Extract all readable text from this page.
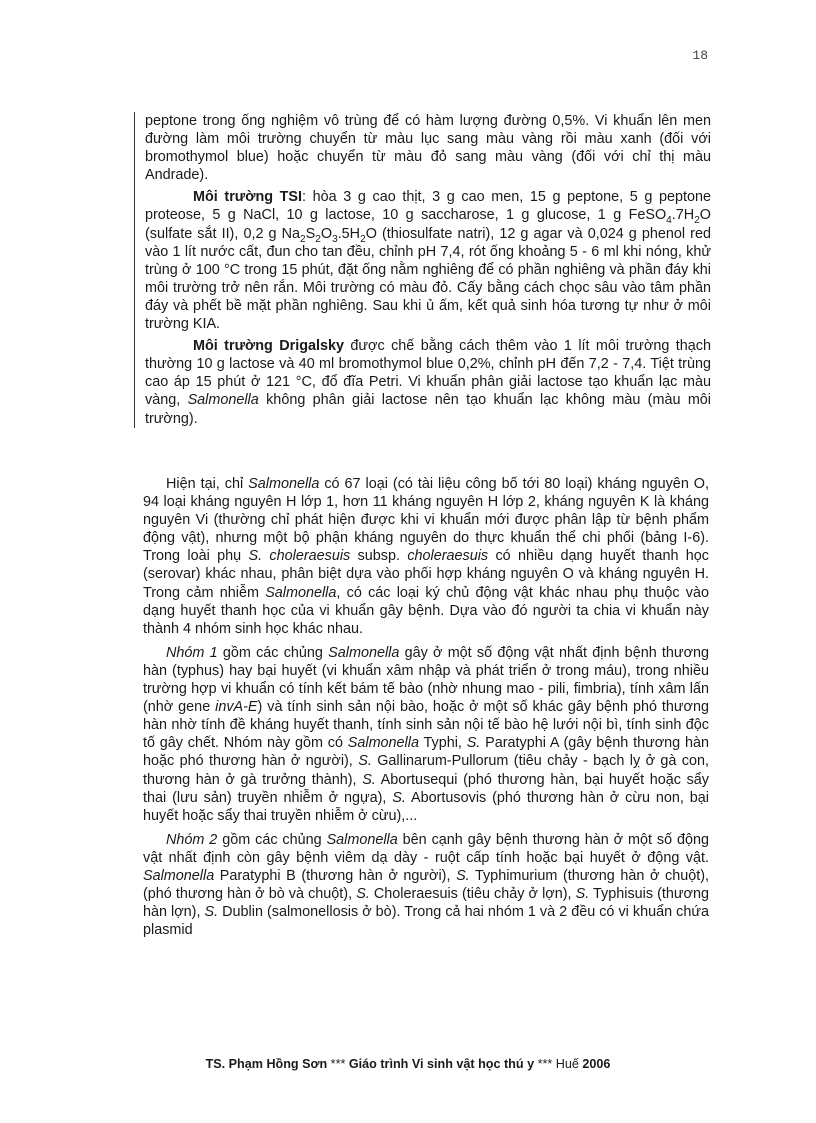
18

peptone trong ống nghiệm vô trùng để có hàm lượng đường 0,5%. Vi khuẩn lên men đường làm môi trường chuyển từ màu lục sang màu vàng rồi màu xanh (đối với bromothymol blue) hoặc chuyển từ màu đỏ sang màu vàng (đối với chỉ thị màu Andrade).

Môi trường TSI: hòa 3 g cao thịt, 3 g cao men, 15 g peptone, 5 g peptone proteose, 5 g NaCl, 10 g lactose, 10 g saccharose, 1 g glucose, 1 g $FeSO_4.7H_2O$ (sulfate sắt II), 0,2 g $Na_2S_2O_3.5H_2O$ (thiosulfate natri), 12 g agar và 0,024 g phenol red vào 1 lít nước cất, đun cho tan đều, chỉnh pH 7,4, rót ống khoảng 5 - 6 ml khi nóng, khử trùng ở 100 °C trong 15 phút, đặt ống nằm nghiêng để có phần nghiêng và phần đáy khi môi trường trở nên rắn. Môi trường có màu đỏ. Cấy bằng cách chọc sâu vào tâm phần đáy và phết bề mặt phần nghiêng. Sau khi ủ ấm, kết quả sinh hóa tương tự như ở môi trường KIA.

Môi trường Drigalsky được chế bằng cách thêm vào 1 lít môi trường thạch thường 10 g lactose và 40 ml bromothymol blue 0,2%, chỉnh pH đến 7,2 - 7,4. Tiệt trùng cao áp 15 phút ở 121 °C, đổ đĩa Petri. Vi khuẩn phân giải lactose tạo khuẩn lạc màu vàng, Salmonella không phân giải lactose nên tạo khuẩn lạc không màu (màu môi trường).

Hiện tại, chỉ Salmonella có 67 loại (có tài liệu công bố tới 80 loại) kháng nguyên O, 94 loại kháng nguyên H lớp 1, hơn 11 kháng nguyên H lớp 2, kháng nguyên K là kháng nguyên Vi (thường chỉ phát hiện được khi vi khuẩn mới được phân lập từ bệnh phẩm động vật), nhưng một bộ phận kháng nguyên do thực khuẩn thể chi phối (bảng I-6). Trong loài phụ S. choleraesuis subsp. choleraesuis có nhiều dạng huyết thanh học (serovar) khác nhau, phân biệt dựa vào phối hợp kháng nguyên O và kháng nguyên H. Trong cảm nhiễm Salmonella, có các loại ký chủ động vật khác nhau phụ thuộc vào dạng huyết thanh học của vi khuẩn gây bệnh. Dựa vào đó người ta chia vi khuẩn này thành 4 nhóm sinh học khác nhau.

Nhóm 1 gồm các chủng Salmonella gây ở một số động vật nhất định bệnh thương hàn (typhus) hay bại huyết (vi khuẩn xâm nhập và phát triển ở trong máu), trong nhiều trường hợp vi khuẩn có tính kết bám tế bào (nhờ nhung mao - pili, fimbria), tính xâm lấn (nhờ gene invA-E) và tính sinh sản nội bào, hoặc ở một số khác gây bệnh phó thương hàn nhờ tính đề kháng huyết thanh, tính sinh sản nội tế bào hệ lưới nội bì, tính sinh độc tố gây chết. Nhóm này gồm có Salmonella Typhi, S. Paratyphi A (gây bệnh thương hàn hoặc phó thương hàn ở người), S. Gallinarum-Pullorum (tiêu chảy - bạch lỵ ở gà con, thương hàn ở gà trưởng thành), S. Abortusequi (phó thương hàn, bại huyết hoặc sẩy thai (lưu sản) truyền nhiễm ở ngựa), S. Abortusovis (phó thương hàn ở cừu non, bại huyết hoặc sẩy thai truyền nhiễm ở cừu),...

Nhóm 2 gồm các chủng Salmonella bên cạnh gây bệnh thương hàn ở một số động vật nhất định còn gây bệnh viêm dạ dày - ruột cấp tính hoặc bại huyết ở động vật. Salmonella Paratyphi B (thương hàn ở người), S. Typhimurium (thương hàn ở chuột), (phó thương hàn ở bò và chuột), S. Choleraesuis (tiêu chảy ở lợn), S. Typhisuis (thương hàn lợn), S. Dublin (salmonellosis ở bò). Trong cả hai nhóm 1 và 2 đều có vi khuẩn chứa plasmid

TS. Phạm Hồng Sơn *** Giáo trình Vi sinh vật học thú y *** Huế 2006
